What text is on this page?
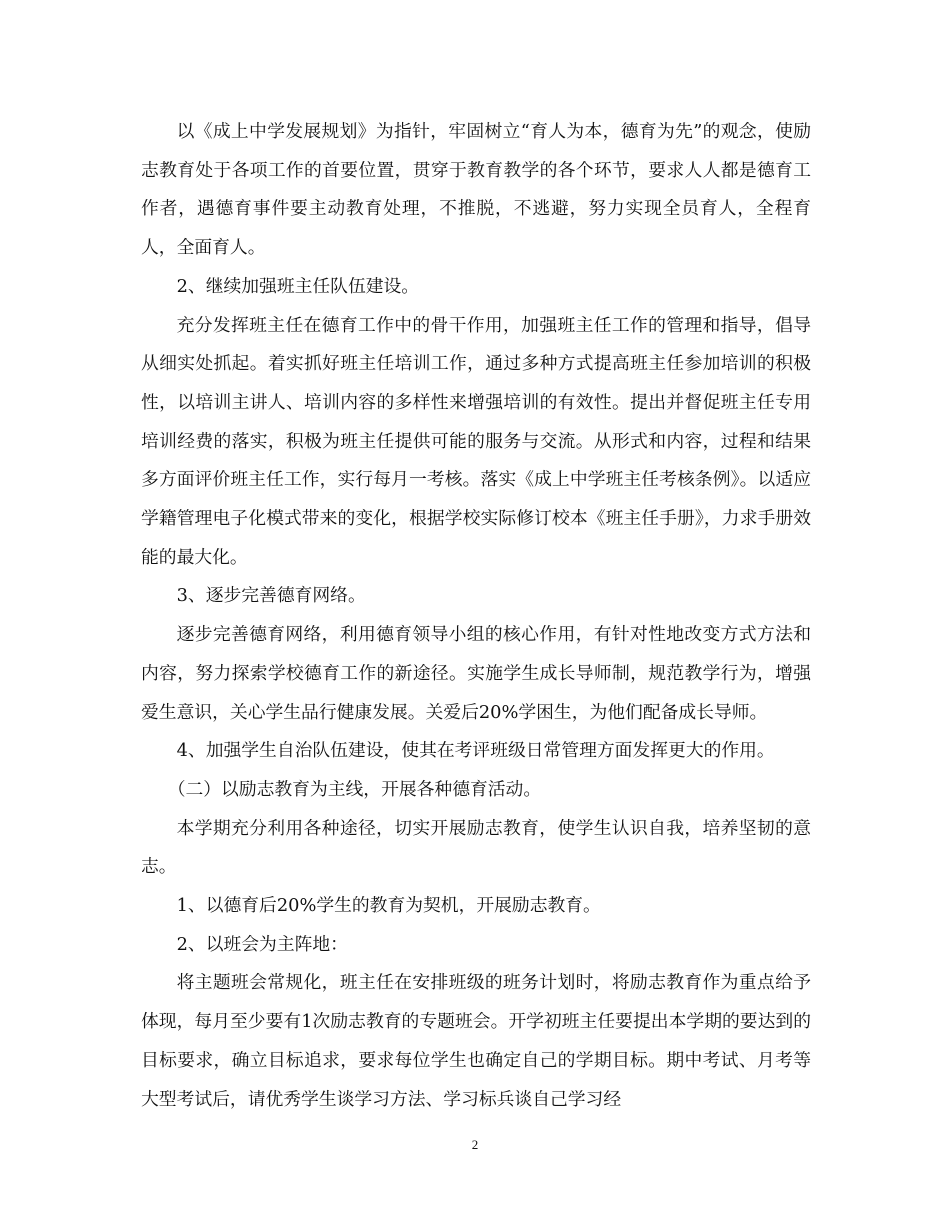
以《成上中学发展规划》为指针，牢固树立“育人为本，德育为先”的观念，使励志教育处于各项工作的首要位置，贯穿于教育教学的各个环节，要求人人都是德育工作者，遇德育事件要主动教育处理，不推脱，不逃避，努力实现全员育人，全程育人，全面育人。

2、继续加强班主任队伍建设。

充分发挥班主任在德育工作中的骨干作用，加强班主任工作的管理和指导，倡导从细实处抓起。着实抓好班主任培训工作，通过多种方式提高班主任参加培训的积极性，以培训主讲人、培训内容的多样性来增强培训的有效性。提出并督促班主任专用培训经费的落实，积极为班主任提供可能的服务与交流。从形式和内容，过程和结果多方面评价班主任工作，实行每月一考核。落实《成上中学班主任考核条例》。以适应学籍管理电子化模式带来的变化，根据学校实际修订校本《班主任手册》，力求手册效能的最大化。

3、逐步完善德育网络。

逐步完善德育网络，利用德育领导小组的核心作用，有针对性地改变方式方法和内容，努力探索学校德育工作的新途径。实施学生成长导师制，规范教学行为，增强爱生意识，关心学生品行健康发展。关爱后20%学困生，为他们配备成长导师。

4、加强学生自治队伍建设，使其在考评班级日常管理方面发挥更大的作用。

（二）以励志教育为主线，开展各种德育活动。

本学期充分利用各种途径，切实开展励志教育，使学生认识自我，培养坚韧的意志。

1、以德育后20%学生的教育为契机，开展励志教育。

2、以班会为主阵地：

将主题班会常规化，班主任在安排班级的班务计划时，将励志教育作为重点给予体现，每月至少要有1次励志教育的专题班会。开学初班主任要提出本学期的要达到的目标要求，确立目标追求，要求每位学生也确定自己的学期目标。期中考试、月考等大型考试后，请优秀学生谈学习方法、学习标兵谈自己学习经

2
